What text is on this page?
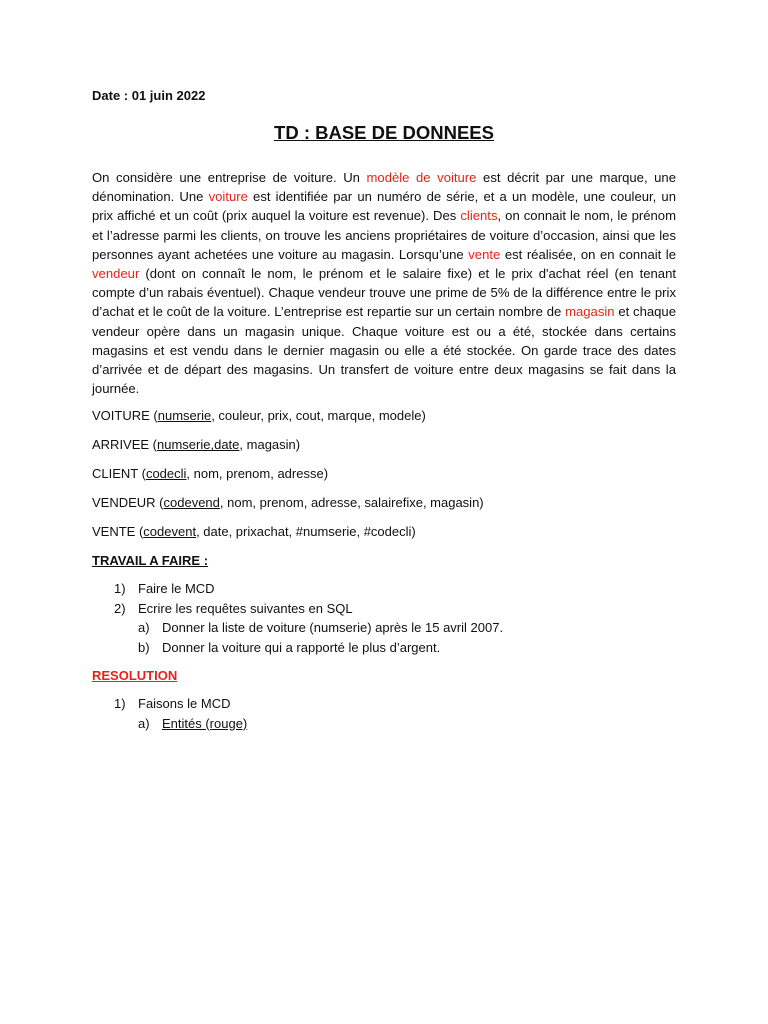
Date : 01 juin 2022
TD : BASE DE DONNEES

On considère une entreprise de voiture. Un modèle de voiture est décrit par une marque, une dénomination. Une voiture est identifiée par un numéro de série, et a un modèle, une couleur, un prix affiché et un coût (prix auquel la voiture est revenue). Des clients, on connait le nom, le prénom et l’adresse parmi les clients, on trouve les anciens propriétaires de voiture d’occasion, ainsi que les personnes ayant achetées une voiture au magasin. Lorsqu’une vente est réalisée, on en connait le vendeur (dont on connaît le nom, le prénom et le salaire fixe) et le prix d'achat réel (en tenant compte d’un rabais éventuel). Chaque vendeur trouve une prime de 5% de la différence entre le prix d’achat et le coût de la voiture. L’entreprise est repartie sur un certain nombre de magasin et chaque vendeur opère dans un magasin unique. Chaque voiture est ou a été, stockée dans certains magasins et est vendu dans le dernier magasin ou elle a été stockée. On garde trace des dates d’arrivée et de départ des magasins. Un transfert de voiture entre deux magasins se fait dans la journée.

VOITURE (numserie, couleur, prix, cout, marque, modele)
ARRIVEE (numserie,date, magasin)
CLIENT (codecli, nom, prenom, adresse)
VENDEUR (codevend, nom, prenom, adresse, salairefixe, magasin)
VENTE (codevent, date, prixachat, #numserie, #codecli)
TRAVAIL A FAIRE :
1) Faire le MCD
2) Ecrire les requêtes suivantes en SQL
a) Donner la liste de voiture (numserie) après le 15 avril 2007.
b) Donner la voiture qui a rapporté le plus d’argent.
RESOLUTION
1) Faisons le MCD
a) Entités (rouge)
